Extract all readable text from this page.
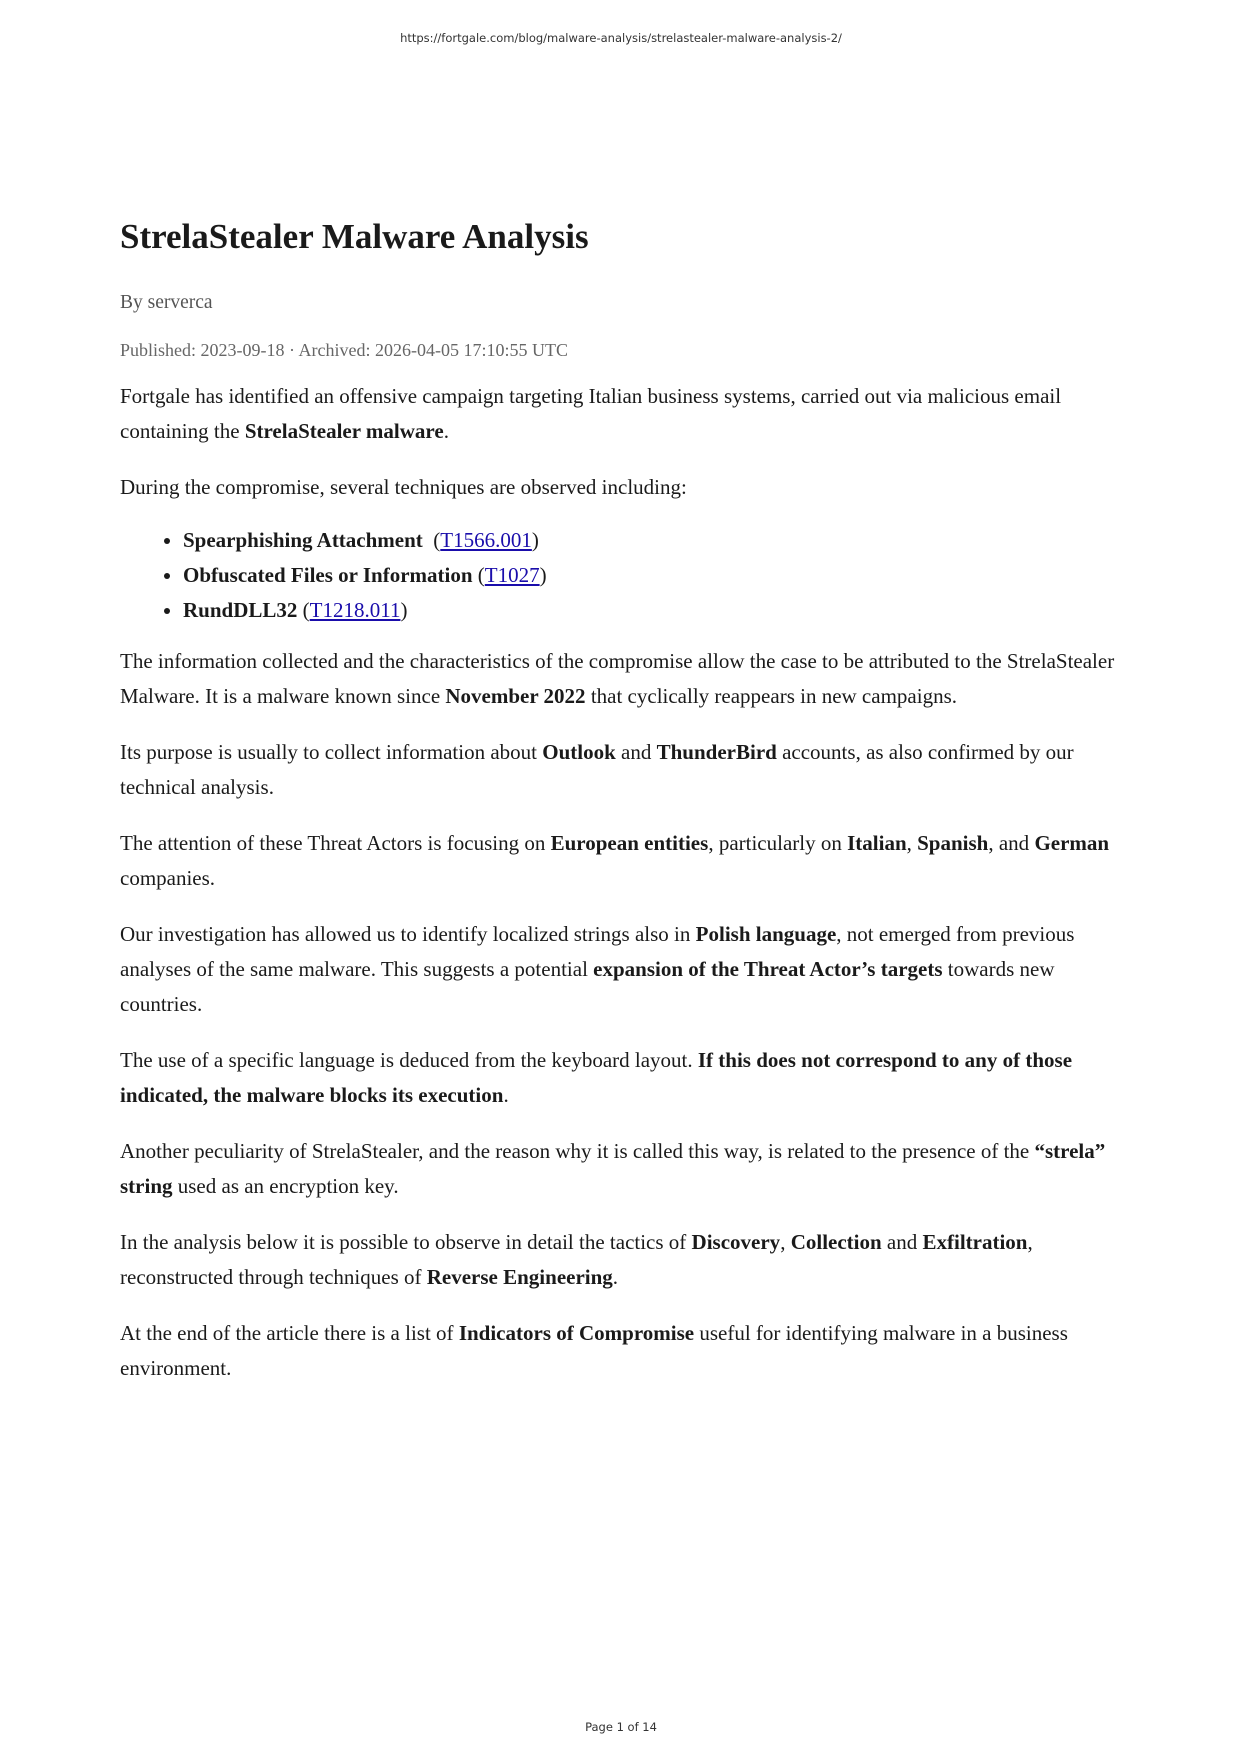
https://fortgale.com/blog/malware-analysis/strelastealer-malware-analysis-2/
StrelaStealer Malware Analysis
By serverca
Published: 2023-09-18 · Archived: 2026-04-05 17:10:55 UTC

Fortgale has identified an offensive campaign targeting Italian business systems, carried out via malicious email containing the StrelaStealer malware.

During the compromise, several techniques are observed including:

• Spearphishing Attachment  (T1566.001)
• Obfuscated Files or Information (T1027)
• RundDLL32 (T1218.011)

The information collected and the characteristics of the compromise allow the case to be attributed to the StrelaStealer Malware. It is a malware known since November 2022 that cyclically reappears in new campaigns.

Its purpose is usually to collect information about Outlook and ThunderBird accounts, as also confirmed by our technical analysis.

The attention of these Threat Actors is focusing on European entities, particularly on Italian, Spanish, and German companies.

Our investigation has allowed us to identify localized strings also in Polish language, not emerged from previous analyses of the same malware. This suggests a potential expansion of the Threat Actor’s targets towards new countries.

The use of a specific language is deduced from the keyboard layout. If this does not correspond to any of those indicated, the malware blocks its execution.

Another peculiarity of StrelaStealer, and the reason why it is called this way, is related to the presence of the “strela” string used as an encryption key.

In the analysis below it is possible to observe in detail the tactics of Discovery, Collection and Exfiltration, reconstructed through techniques of Reverse Engineering.

At the end of the article there is a list of Indicators of Compromise useful for identifying malware in a business environment.

Page 1 of 14
